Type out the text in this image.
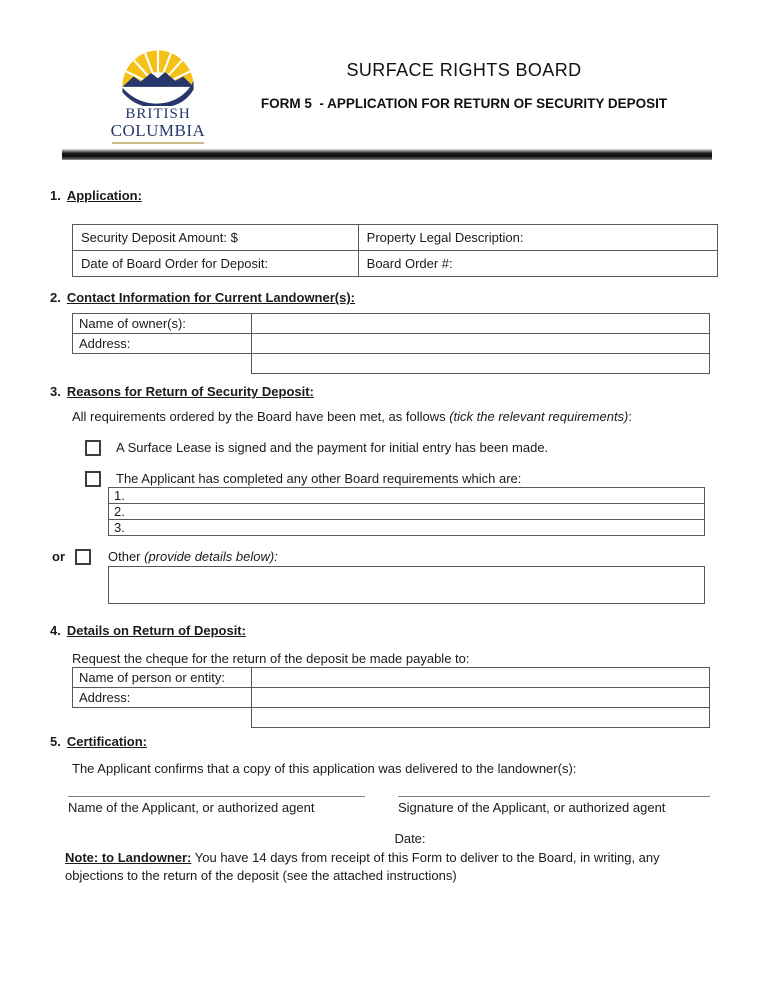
BRITISH
COLUMBIA
SURFACE RIGHTS BOARD
FORM 5  - APPLICATION FOR RETURN OF SECURITY DEPOSIT
1. Application:
Security Deposit Amount: $	Property Legal Description:
Date of Board Order for Deposit:	Board Order #:
2. Contact Information for Current Landowner(s):
Name of owner(s):	
Address:	

3. Reasons for Return of Security Deposit:
All requirements ordered by the Board have been met, as follows (tick the relevant requirements):
A Surface Lease is signed and the payment for initial entry has been made.
The Applicant has completed any other Board requirements which are:
1.
2.
3.
or	Other (provide details below):
4. Details on Return of Deposit:
Request the cheque for the return of the deposit be made payable to:
Name of person or entity:	
Address:	

5. Certification:
The Applicant confirms that a copy of this application was delivered to the landowner(s):
Name of the Applicant, or authorized agent	Signature of the Applicant, or authorized agent
Date:
Note: to Landowner: You have 14 days from receipt of this Form to deliver to the Board, in writing, any objections to the return of the deposit (see the attached instructions)
